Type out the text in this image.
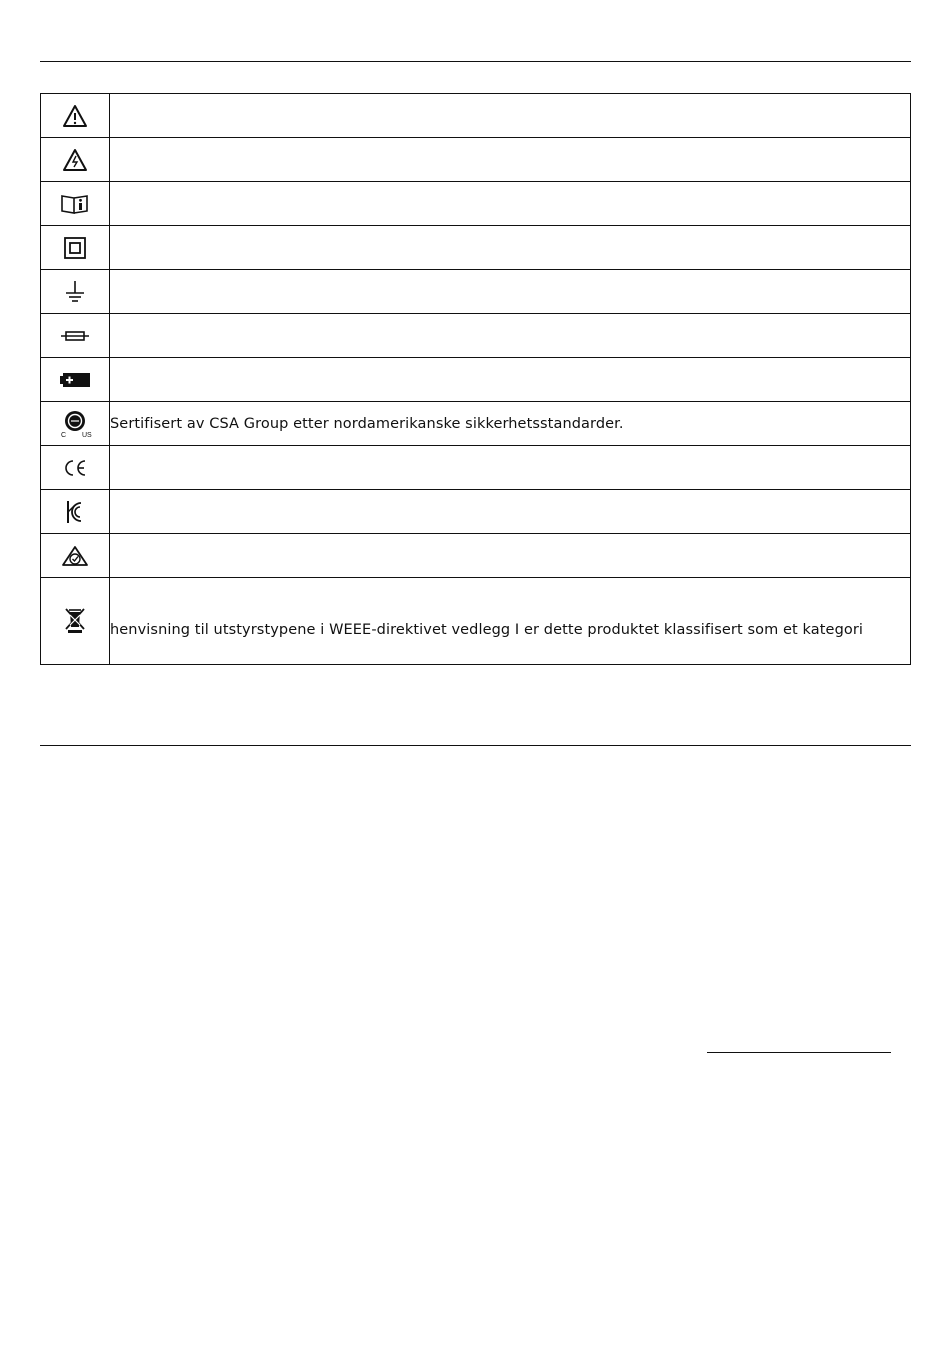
C US	Sertifisert av CSA Group etter nordamerikanske sikkerhetsstandarder.

	henvisning til utstyrstypene i WEEE-direktivet vedlegg I er dette produktet klassifisert som et kategori
